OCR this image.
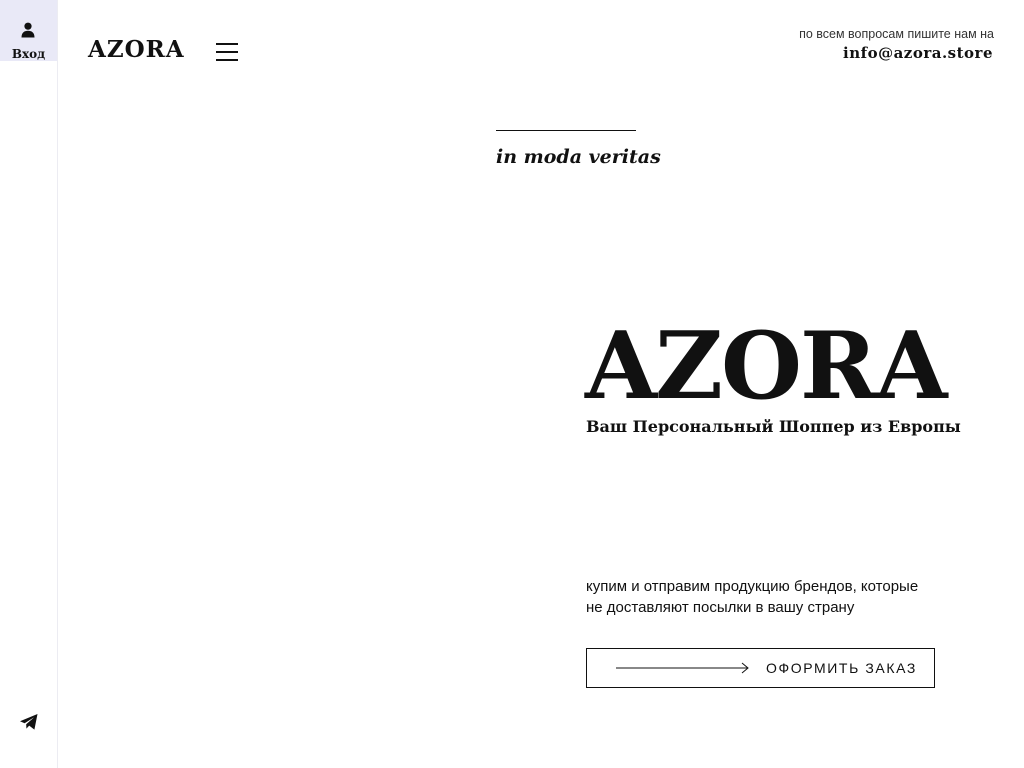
Вход	AZORA
по всем вопросам пишите нам на
info@azora.store
in moda veritas
AZORA
Ваш Персональный Шоппер из Европы
купим и отправим продукцию брендов, которые
не доставляют посылки в вашу страну
ОФОРМИТЬ ЗАКАЗ
